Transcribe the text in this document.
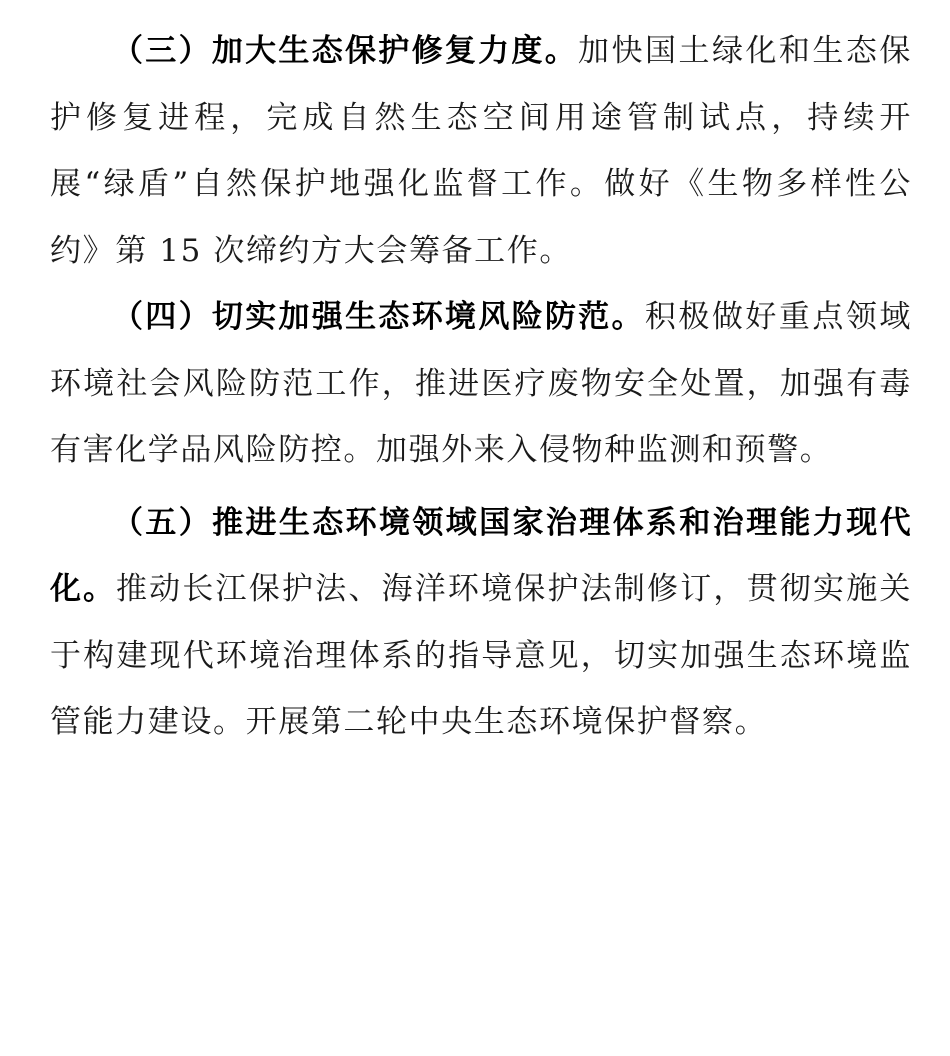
（三）加大生态保护修复力度。加快国土绿化和生态保护修复进程，完成自然生态空间用途管制试点，持续开展“绿盾”自然保护地强化监督工作。做好《生物多样性公约》第 15 次缔约方大会筹备工作。

（四）切实加强生态环境风险防范。积极做好重点领域环境社会风险防范工作，推进医疗废物安全处置，加强有毒有害化学品风险防控。加强外来入侵物种监测和预警。

（五）推进生态环境领域国家治理体系和治理能力现代化。推动长江保护法、海洋环境保护法制修订，贯彻实施关于构建现代环境治理体系的指导意见，切实加强生态环境监管能力建设。开展第二轮中央生态环境保护督察。
